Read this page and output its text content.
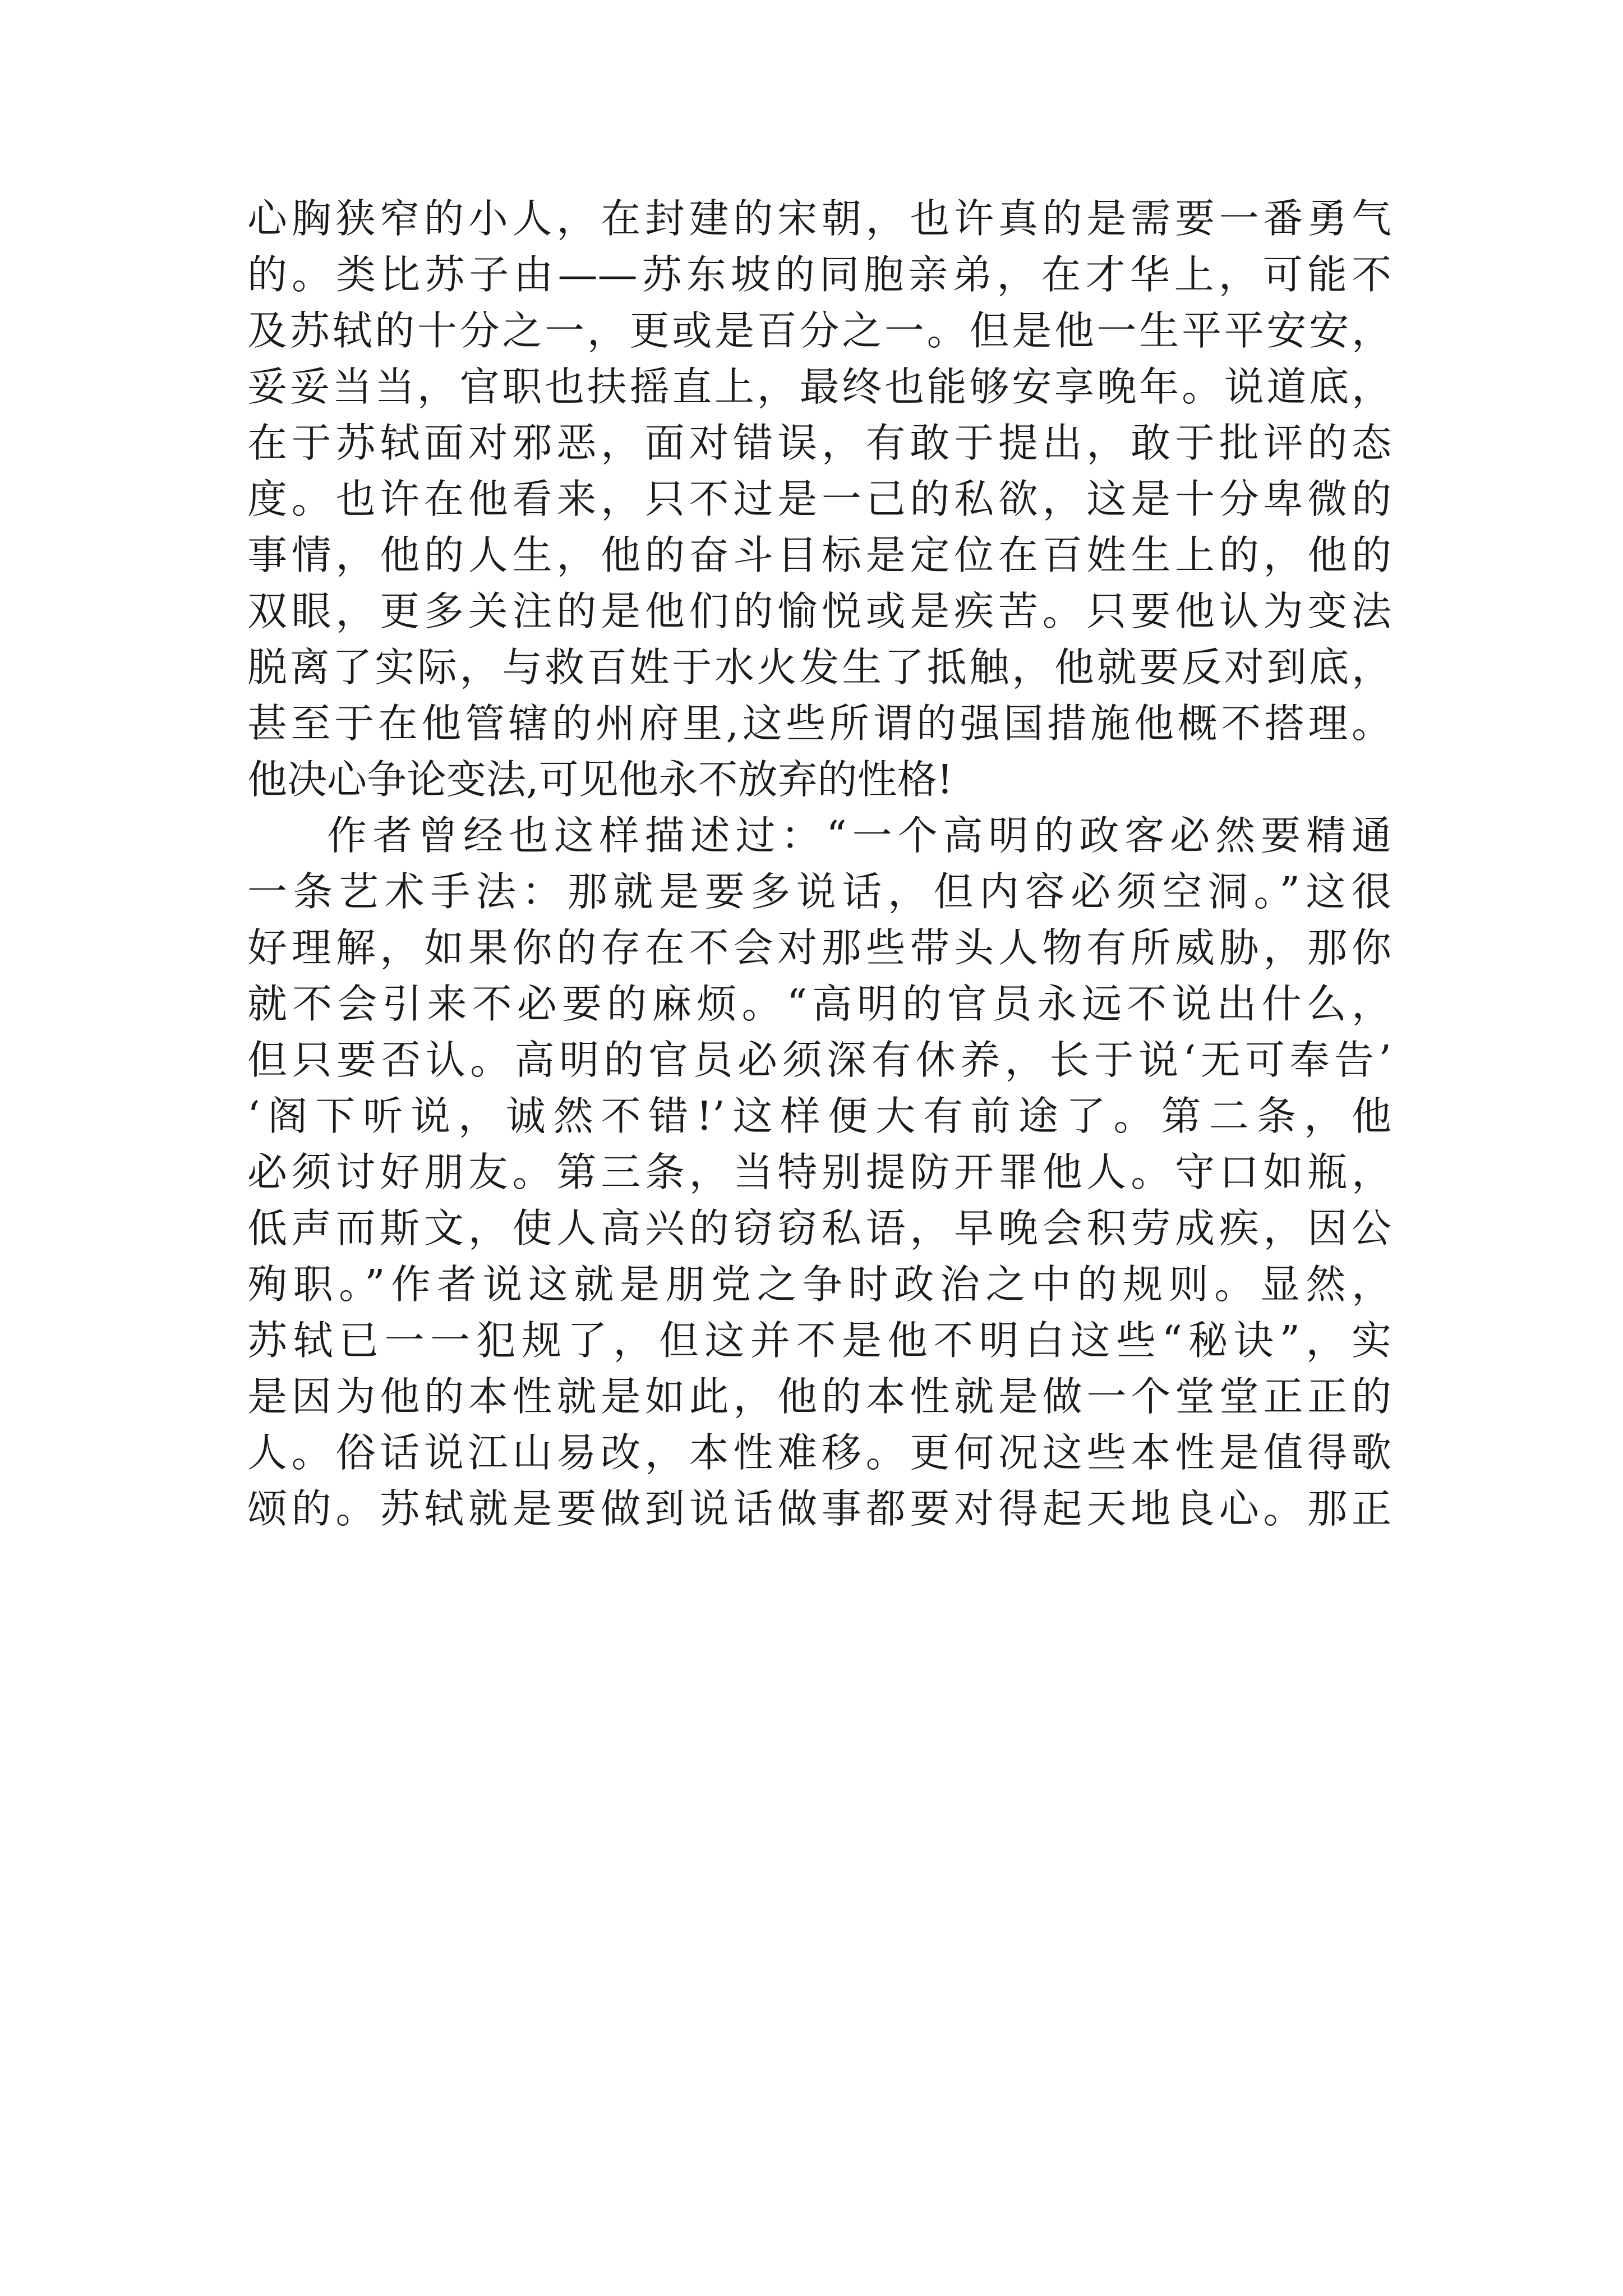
心胸狭窄的小人，在封建的宋朝，也许真的是需要一番勇气
的。类比苏子由——苏东坡的同胞亲弟，在才华上，可能不
及苏轼的十分之一，更或是百分之一。但是他一生平平安安，
妥妥当当，官职也扶摇直上，最终也能够安享晚年。说道底，
在于苏轼面对邪恶，面对错误，有敢于提出，敢于批评的态
度。也许在他看来，只不过是一己的私欲，这是十分卑微的
事情，他的人生，他的奋斗目标是定位在百姓生上的，他的
双眼，更多关注的是他们的愉悦或是疾苦。只要他认为变法
脱离了实际，与救百姓于水火发生了抵触，他就要反对到底，
甚至于在他管辖的州府里,这些所谓的强国措施他概不搭理。
他决心争论变法,可见他永不放弃的性格!
作者曾经也这样描述过：“一个高明的政客必然要精通
一条艺术手法：那就是要多说话，但内容必须空洞。”这很
好理解，如果你的存在不会对那些带头人物有所威胁，那你
就不会引来不必要的麻烦。“高明的官员永远不说出什么，
但只要否认。高明的官员必须深有休养，长于说‘无可奉告’
‘阁下听说，诚然不错!’这样便大有前途了。第二条，他
必须讨好朋友。第三条，当特别提防开罪他人。守口如瓶，
低声而斯文，使人高兴的窃窃私语，早晚会积劳成疾，因公
殉职。”作者说这就是朋党之争时政治之中的规则。显然，
苏轼已一一犯规了，但这并不是他不明白这些“秘诀”，实
是因为他的本性就是如此，他的本性就是做一个堂堂正正的
人。俗话说江山易改，本性难移。更何况这些本性是值得歌
颂的。苏轼就是要做到说话做事都要对得起天地良心。那正
